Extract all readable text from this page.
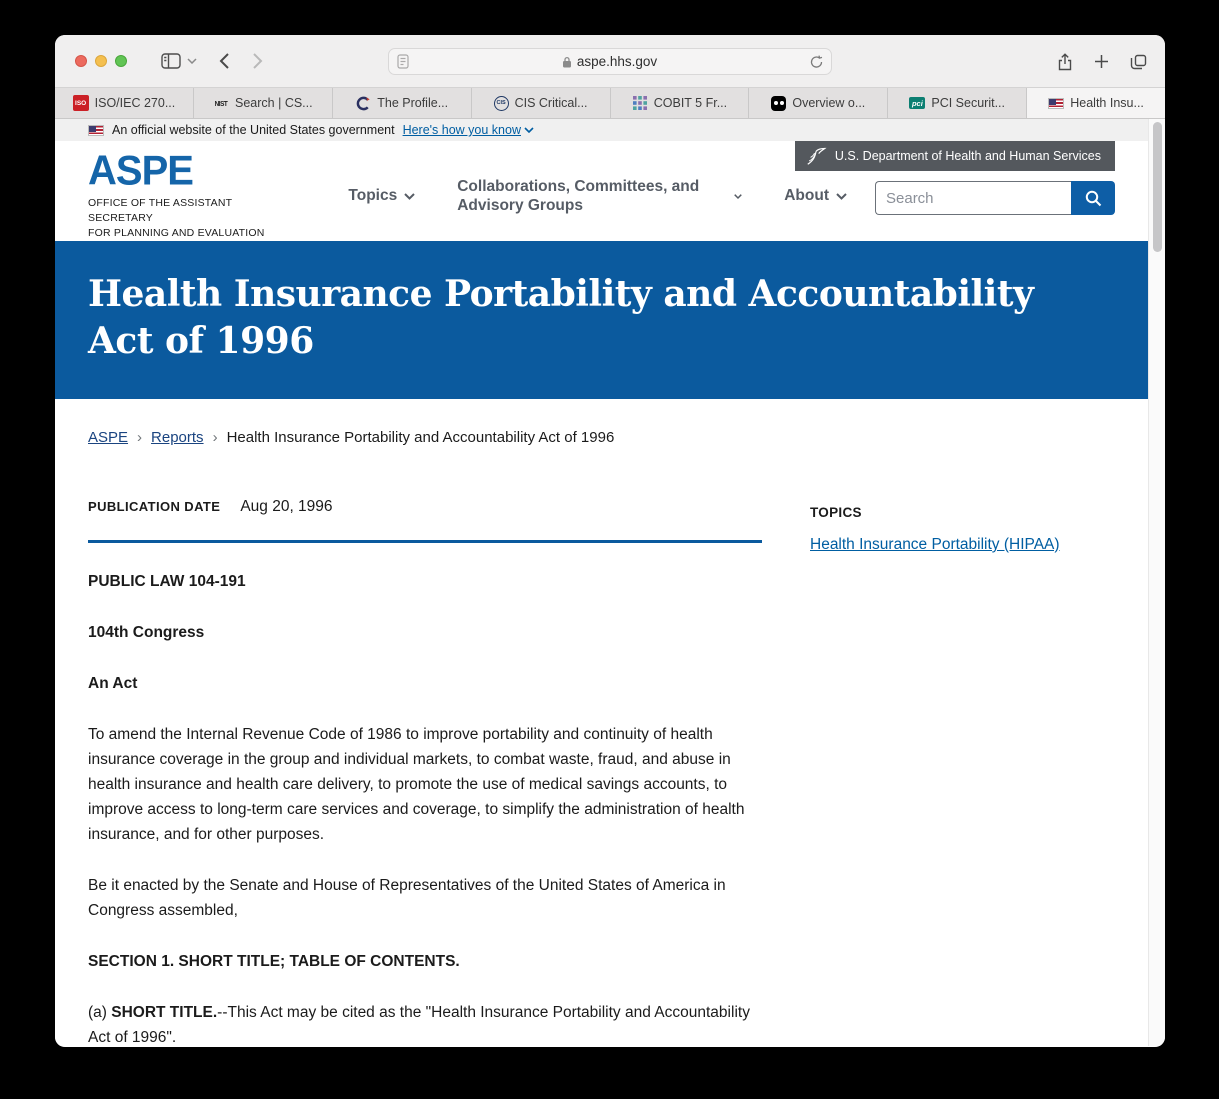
aspe.hhs.gov
ISO ISO/IEC 270...	NIST Search | CS...	The Profile...	CIS CIS Critical...	COBIT 5 Fr...	Overview o...	pci PCI Securit...	Health Insu...
An official website of the United States government Here's how you know
U.S. Department of Health and Human Services
ASPE
OFFICE OF THE ASSISTANT SECRETARY
FOR PLANNING AND EVALUATION
Topics
Collaborations, Committees, and Advisory Groups
About
Search
Health Insurance Portability and Accountability Act of 1996
ASPE › Reports › Health Insurance Portability and Accountability Act of 1996
PUBLICATION DATE Aug 20, 1996

PUBLIC LAW 104-191

104th Congress

An Act

To amend the Internal Revenue Code of 1986 to improve portability and continuity of health insurance coverage in the group and individual markets, to combat waste, fraud, and abuse in health insurance and health care delivery, to promote the use of medical savings accounts, to improve access to long-term care services and coverage, to simplify the administration of health insurance, and for other purposes.

Be it enacted by the Senate and House of Representatives of the United States of America in Congress assembled,

SECTION 1. SHORT TITLE; TABLE OF CONTENTS.

(a) SHORT TITLE.--This Act may be cited as the "Health Insurance Portability and Accountability Act of 1996".

TOPICS
Health Insurance Portability (HIPAA)
